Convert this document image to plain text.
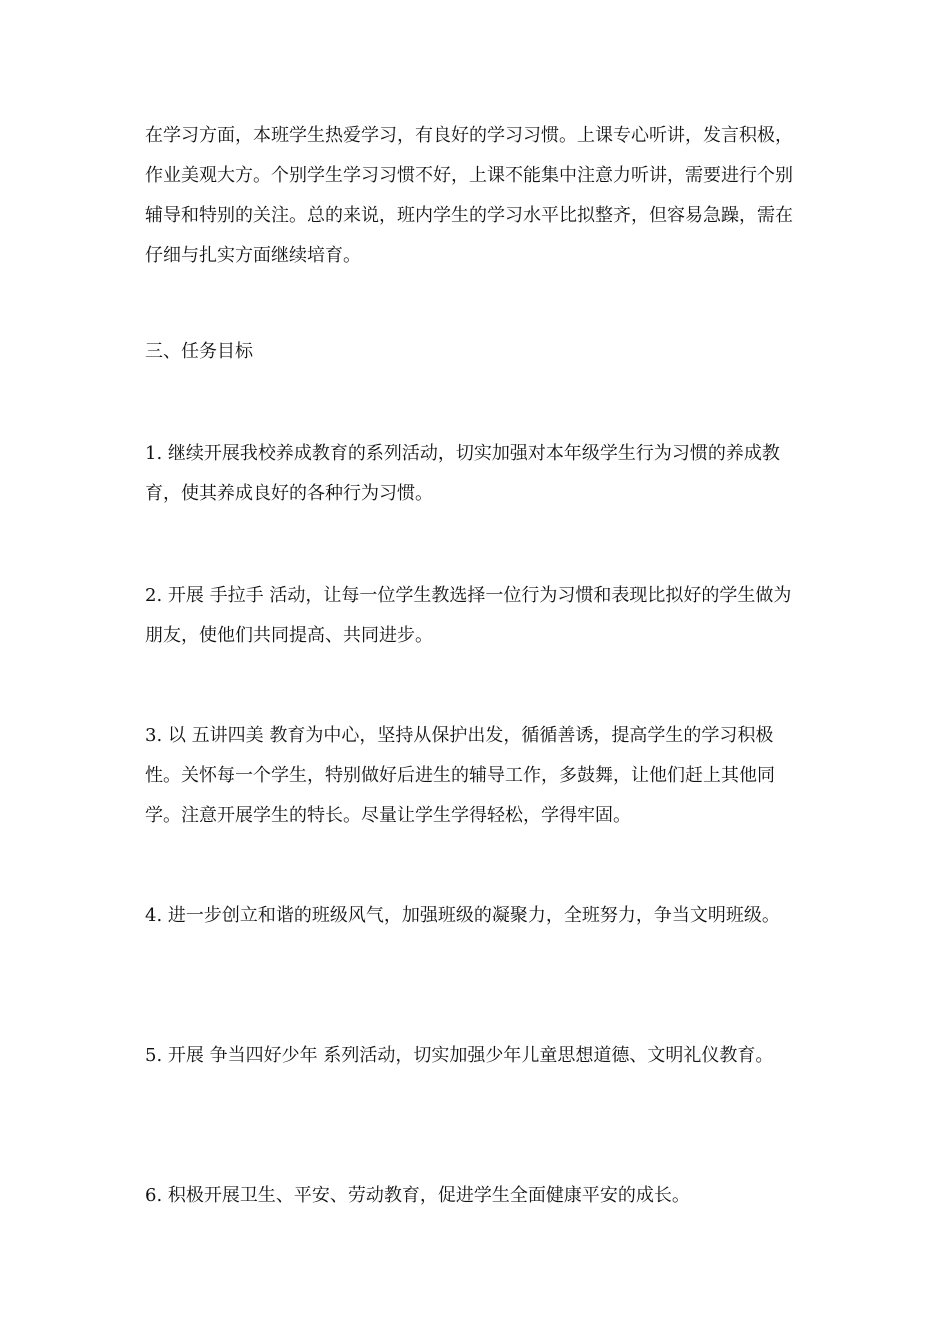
在学习方面，本班学生热爱学习，有良好的学习习惯。上课专心听讲，发言积极，作业美观大方。个别学生学习习惯不好，上课不能集中注意力听讲，需要进行个别辅导和特别的关注。总的来说，班内学生的学习水平比拟整齐，但容易急躁，需在仔细与扎实方面继续培育。

三、任务目标

1. 继续开展我校养成教育的系列活动，切实加强对本年级学生行为习惯的养成教育，使其养成良好的各种行为习惯。

2. 开展 手拉手 活动，让每一位学生教选择一位行为习惯和表现比拟好的学生做为朋友，使他们共同提高、共同进步。

3. 以 五讲四美 教育为中心，坚持从保护出发，循循善诱，提高学生的学习积极性。关怀每一个学生，特别做好后进生的辅导工作，多鼓舞，让他们赶上其他同学。注意开展学生的特长。尽量让学生学得轻松，学得牢固。

4. 进一步创立和谐的班级风气，加强班级的凝聚力，全班努力，争当文明班级。

5. 开展 争当四好少年 系列活动，切实加强少年儿童思想道德、文明礼仪教育。

6. 积极开展卫生、平安、劳动教育，促进学生全面健康平安的成长。
